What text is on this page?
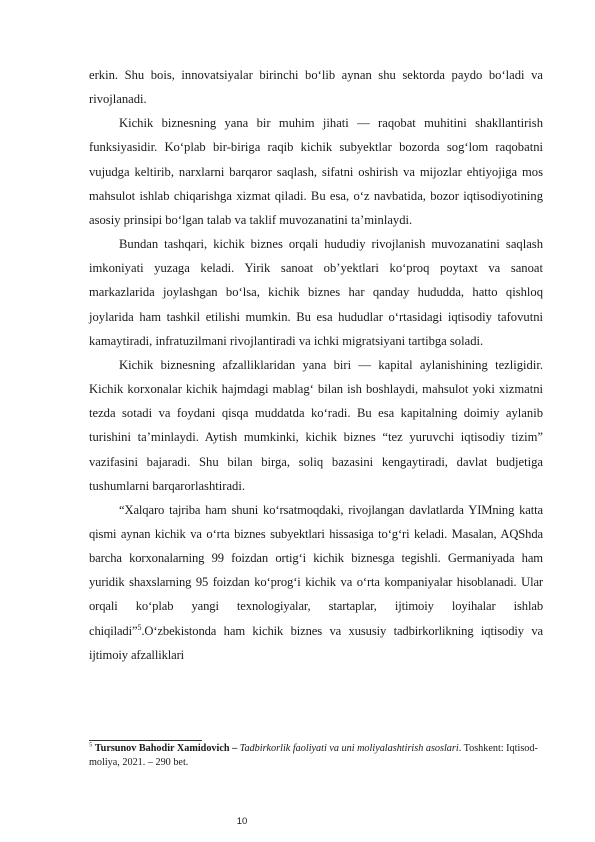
erkin. Shu bois, innovatsiyalar birinchi bo‘lib aynan shu sektorda paydo bo‘ladi va rivojlanadi.

Kichik biznesning yana bir muhim jihati — raqobat muhitini shakllantirish funksiyasidir. Ko‘plab bir-biriga raqib kichik subyektlar bozorda sog‘lom raqobatni vujudga keltirib, narxlarni barqaror saqlash, sifatni oshirish va mijozlar ehtiyojiga mos mahsulot ishlab chiqarishga xizmat qiladi. Bu esa, o‘z navbatida, bozor iqtisodiyotining asosiy prinsipi bo‘lgan talab va taklif muvozanatini ta’minlaydi.

Bundan tashqari, kichik biznes orqali hududiy rivojlanish muvozanatini saqlash imkoniyati yuzaga keladi. Yirik sanoat ob’yektlari ko‘proq poytaxt va sanoat markazlarida joylashgan bo‘lsa, kichik biznes har qanday hududda, hatto qishloq joylarida ham tashkil etilishi mumkin. Bu esa hududlar o‘rtasidagi iqtisodiy tafovutni kamaytiradi, infratuzilmani rivojlantiradi va ichki migratsiyani tartibga soladi.

Kichik biznesning afzalliklaridan yana biri — kapital aylanishining tezligidir. Kichik korxonalar kichik hajmdagi mablag‘ bilan ish boshlaydi, mahsulot yoki xizmatni tezda sotadi va foydani qisqa muddatda ko‘radi. Bu esa kapitalning doimiy aylanib turishini ta’minlaydi. Aytish mumkinki, kichik biznes “tez yuruvchi iqtisodiy tizim” vazifasini bajaradi. Shu bilan birga, soliq bazasini kengaytiradi, davlat budjetiga tushumlarni barqarorlashtiradi.

“Xalqaro tajriba ham shuni ko‘rsatmoqdaki, rivojlangan davlatlarda YIMning katta qismi aynan kichik va o‘rta biznes subyektlari hissasiga to‘g‘ri keladi. Masalan, AQShda barcha korxonalarning 99 foizdan ortig‘i kichik biznesga tegishli. Germaniyada ham yuridik shaxslarning 95 foizdan ko‘prog‘i kichik va o‘rta kompaniyalar hisoblanadi. Ular orqali ko‘plab yangi texnologiyalar, startaplar, ijtimoiy loyihalar ishlab chiqiladi”$^5$.O‘zbekistonda ham kichik biznes va xususiy tadbirkorlikning iqtisodiy va ijtimoiy afzalliklari

$^5$ Tursunov Bahodir Xamidovich – Tadbirkorlik faoliyati va uni moliyalashtirish asoslari. Toshkent: Iqtisod-moliya, 2021. – 290 bet.
10
